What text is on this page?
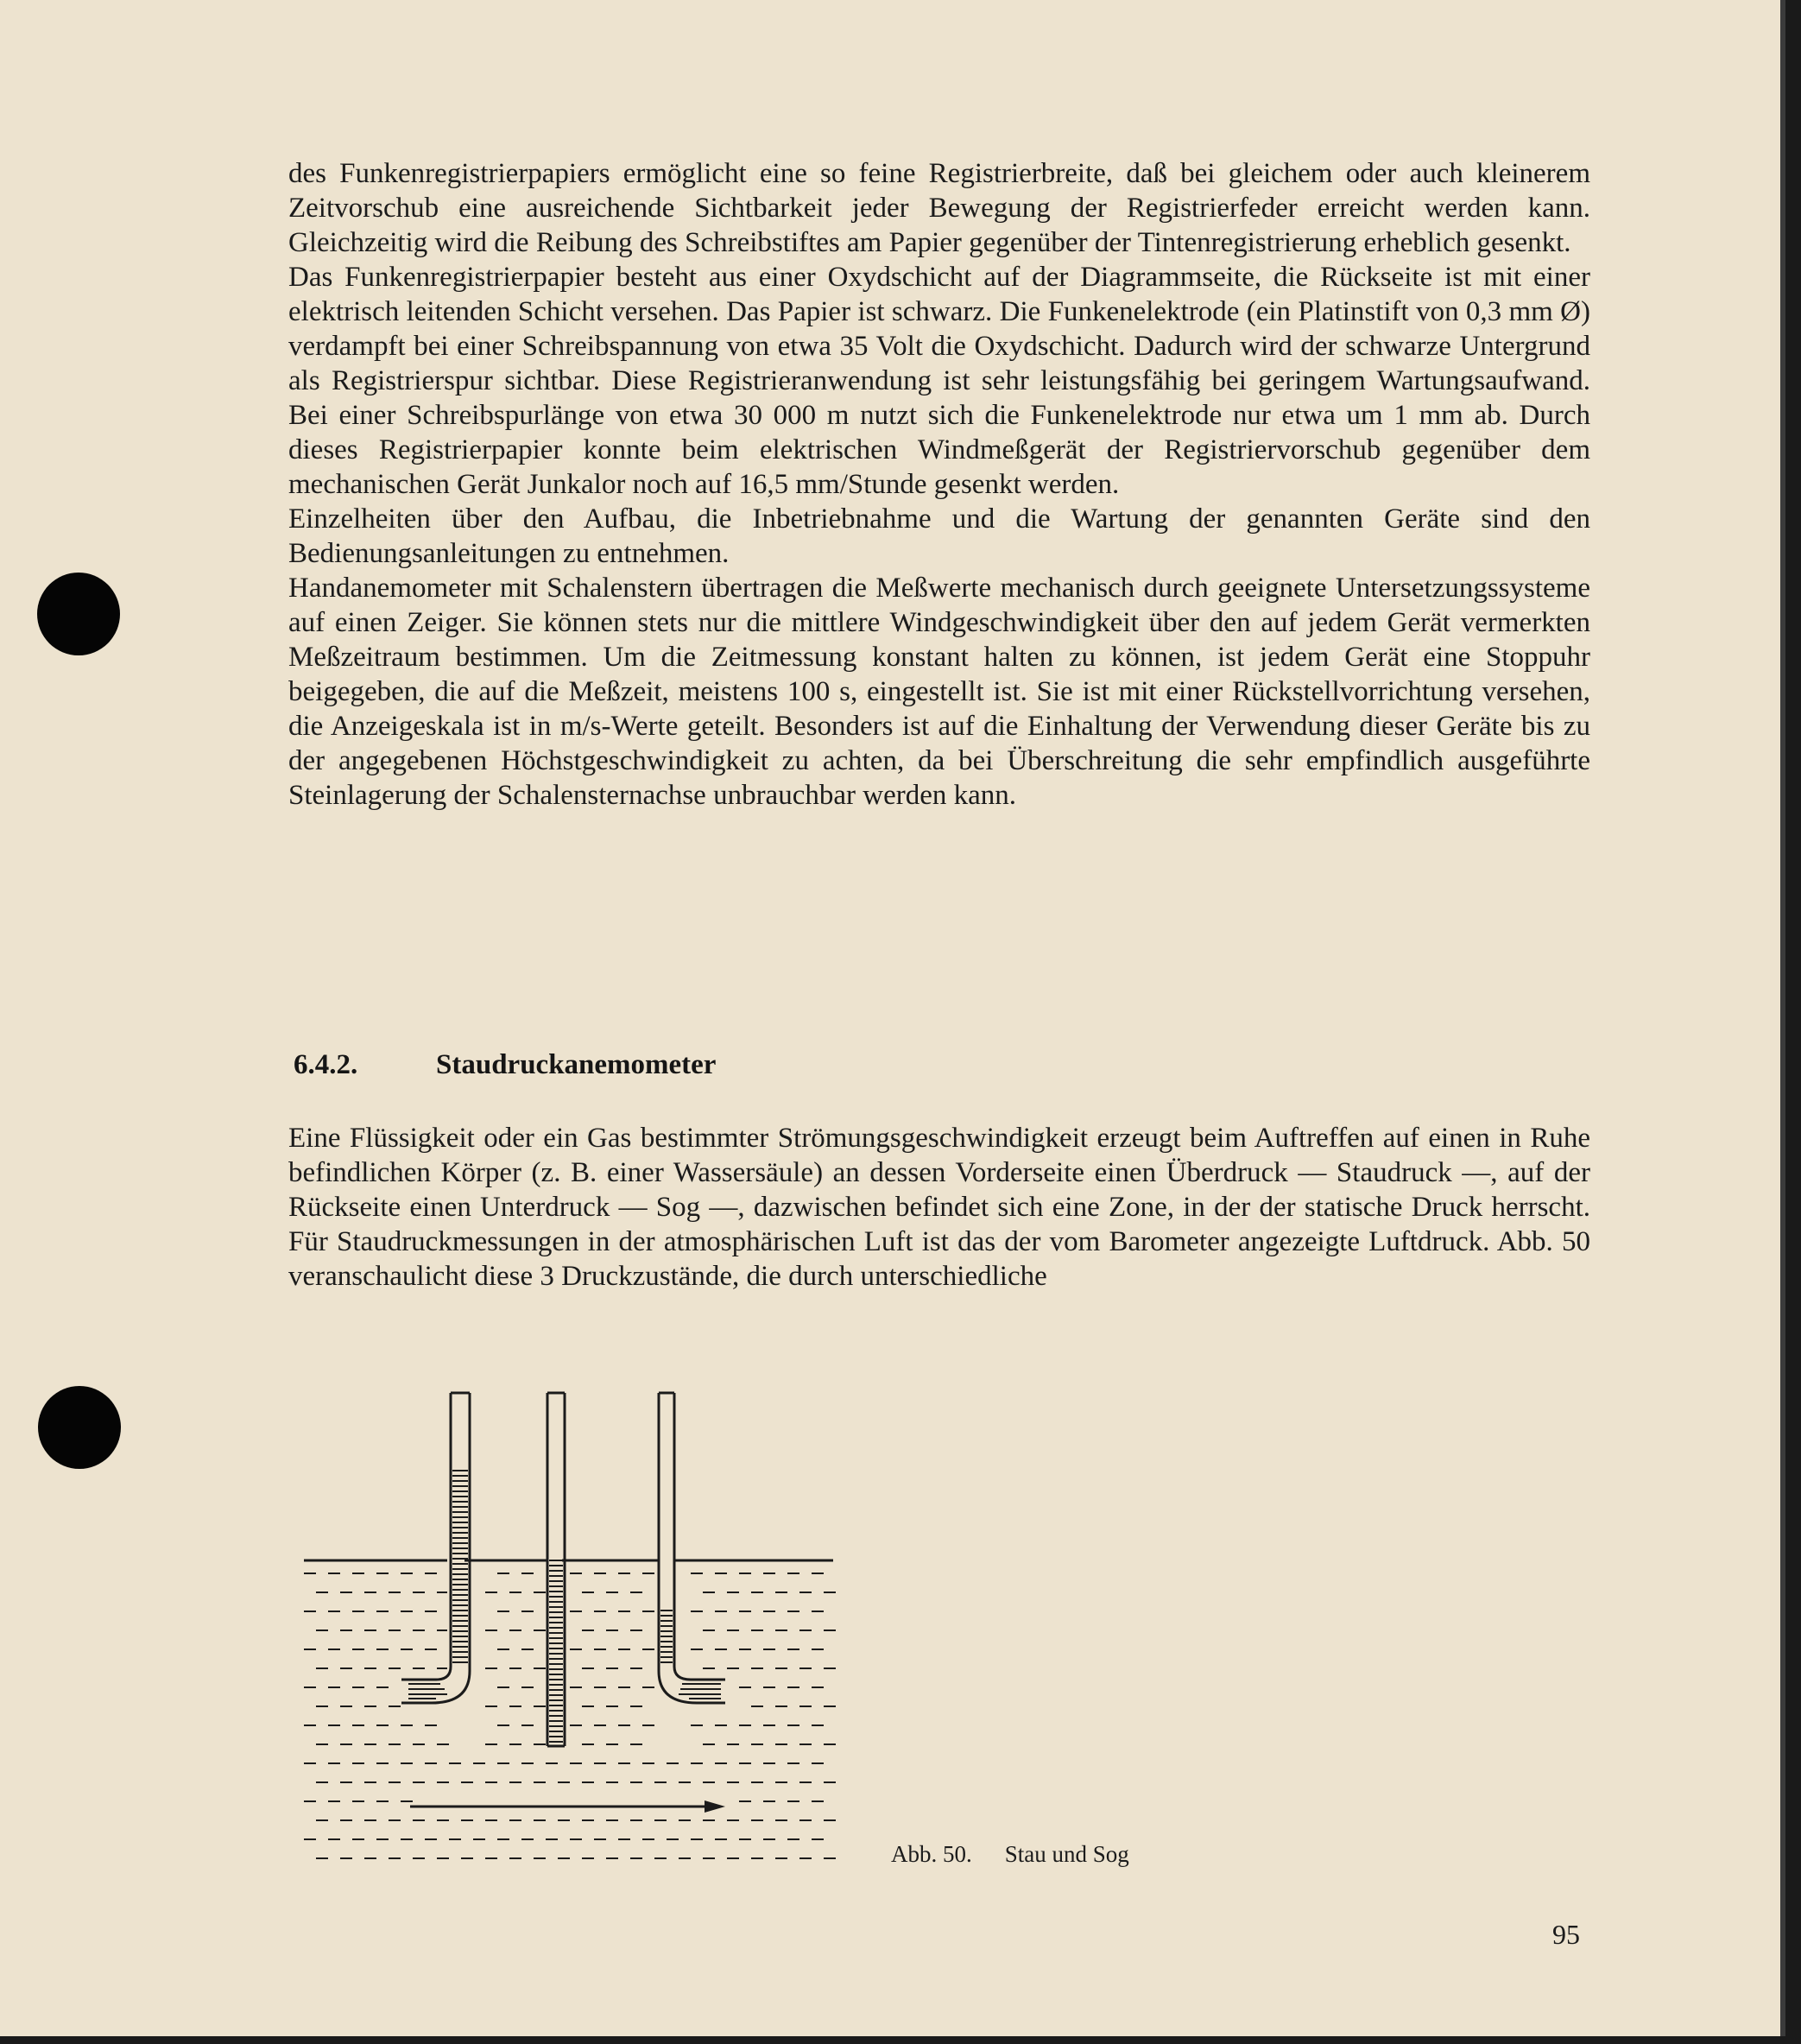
des Funkenregistrierpapiers ermöglicht eine so feine Registrierbreite, daß bei gleichem oder auch kleinerem Zeitvorschub eine ausreichende Sichtbarkeit jeder Bewegung der Registrierfeder erreicht werden kann. Gleichzeitig wird die Reibung des Schreibstiftes am Papier gegenüber der Tintenregistrierung erheblich gesenkt.

Das Funkenregistrierpapier besteht aus einer Oxydschicht auf der Diagrammseite, die Rückseite ist mit einer elektrisch leitenden Schicht versehen. Das Papier ist schwarz. Die Funkenelektrode (ein Platinstift von 0,3 mm Ø) verdampft bei einer Schreibspannung von etwa 35 Volt die Oxydschicht. Dadurch wird der schwarze Untergrund als Registrierspur sichtbar. Diese Registrieranwendung ist sehr leistungsfähig bei geringem Wartungsaufwand. Bei einer Schreibspurlänge von etwa 30 000 m nutzt sich die Funkenelektrode nur etwa um 1 mm ab. Durch dieses Registrierpapier konnte beim elektrischen Windmeßgerät der Registriervorschub gegenüber dem mechanischen Gerät Junkalor noch auf 16,5 mm/Stunde gesenkt werden.

Einzelheiten über den Aufbau, die Inbetriebnahme und die Wartung der genannten Geräte sind den Bedienungsanleitungen zu entnehmen.

Handanemometer mit Schalenstern übertragen die Meßwerte mechanisch durch geeignete Untersetzungssysteme auf einen Zeiger. Sie können stets nur die mittlere Windgeschwindigkeit über den auf jedem Gerät vermerkten Meßzeitraum bestimmen. Um die Zeitmessung konstant halten zu können, ist jedem Gerät eine Stoppuhr beigegeben, die auf die Meßzeit, meistens 100 s, eingestellt ist. Sie ist mit einer Rückstellvorrichtung versehen, die Anzeigeskala ist in m/s-Werte geteilt. Besonders ist auf die Einhaltung der Verwendung dieser Geräte bis zu der angegebenen Höchstgeschwindigkeit zu achten, da bei Überschreitung die sehr empfindlich ausgeführte Steinlagerung der Schalensternachse unbrauchbar werden kann.

6.4.2.	Staudruckanemometer

Eine Flüssigkeit oder ein Gas bestimmter Strömungsgeschwindigkeit erzeugt beim Auftreffen auf einen in Ruhe befindlichen Körper (z. B. einer Wassersäule) an dessen Vorderseite einen Überdruck — Staudruck —, auf der Rückseite einen Unterdruck — Sog —, dazwischen befindet sich eine Zone, in der der statische Druck herrscht. Für Staudruckmessungen in der atmosphärischen Luft ist das der vom Barometer angezeigte Luftdruck. Abb. 50 veranschaulicht diese 3 Druckzustände, die durch unterschiedliche

Abb. 50. Stau und Sog
95
